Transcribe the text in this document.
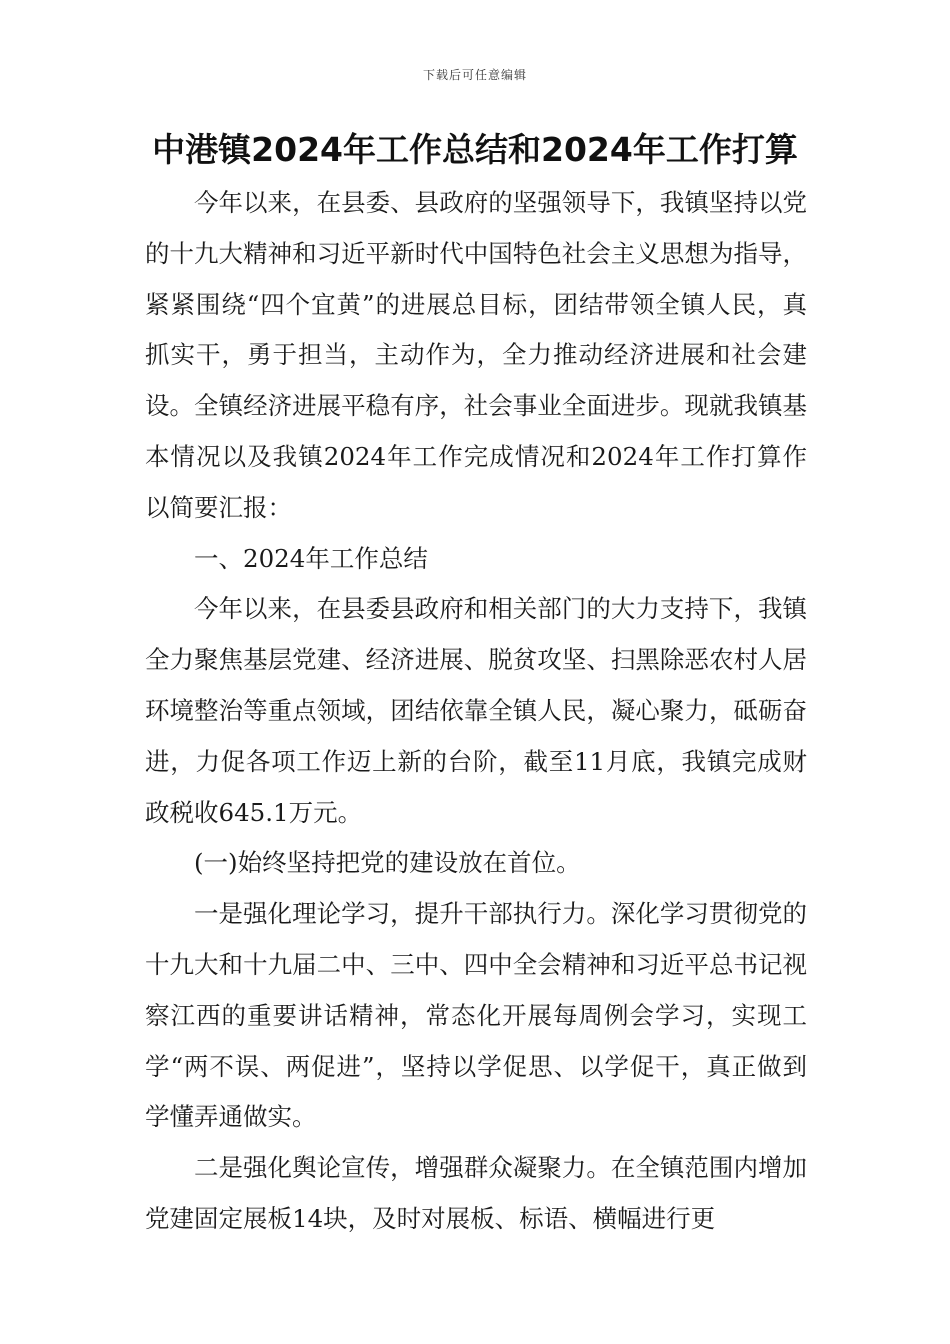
下载后可任意编辑
中港镇2024年工作总结和2024年工作打算

今年以来，在县委、县政府的坚强领导下，我镇坚持以党的十九大精神和习近平新时代中国特色社会主义思想为指导，紧紧围绕“四个宜黄”的进展总目标，团结带领全镇人民，真抓实干，勇于担当，主动作为，全力推动经济进展和社会建设。全镇经济进展平稳有序，社会事业全面进步。现就我镇基本情况以及我镇2024年工作完成情况和2024年工作打算作以简要汇报：

一、2024年工作总结

今年以来，在县委县政府和相关部门的大力支持下，我镇全力聚焦基层党建、经济进展、脱贫攻坚、扫黑除恶农村人居环境整治等重点领域，团结依靠全镇人民，凝心聚力，砥砺奋进，力促各项工作迈上新的台阶，截至11月底，我镇完成财政税收645.1万元。

(一)始终坚持把党的建设放在首位。

一是强化理论学习，提升干部执行力。深化学习贯彻党的十九大和十九届二中、三中、四中全会精神和习近平总书记视察江西的重要讲话精神，常态化开展每周例会学习，实现工学“两不误、两促进”，坚持以学促思、以学促干，真正做到学懂弄通做实。

二是强化舆论宣传，增强群众凝聚力。在全镇范围内增加党建固定展板14块，及时对展板、标语、横幅进行更
